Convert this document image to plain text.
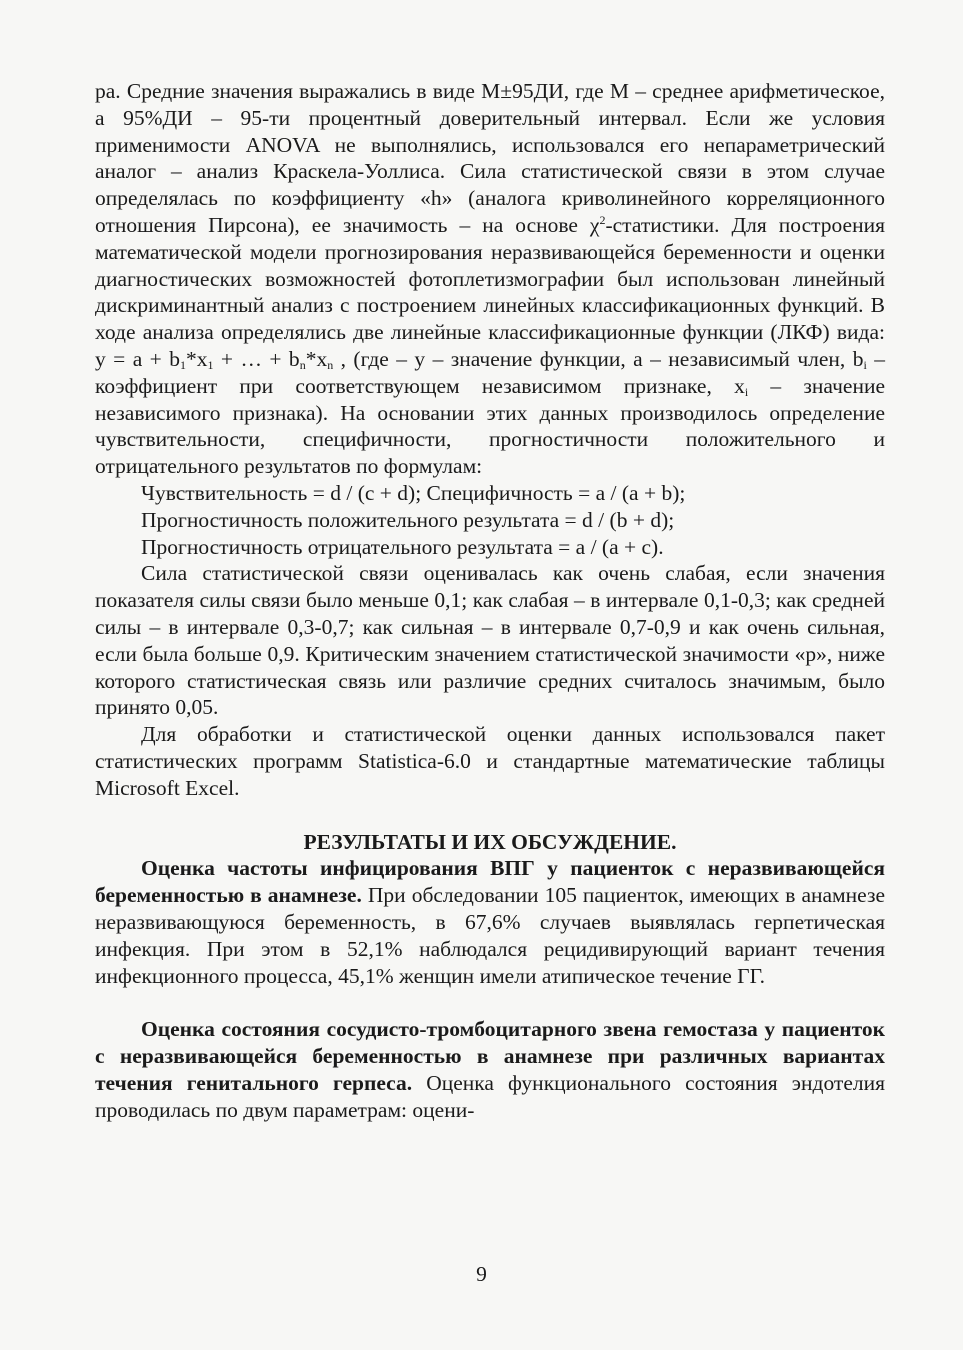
ра. Средние значения выражались в виде М±95ДИ, где М – среднее арифметическое, а 95%ДИ – 95-ти процентный доверительный интервал. Если же условия применимости ANOVA не выполнялись, использовался его непараметрический аналог – анализ Краскела-Уоллиса. Сила статистической связи в этом случае определялась по коэффициенту «h» (аналога криволинейного корреляционного отношения Пирсона), ее значимость – на основе $\chi^2$-статистики. Для построения математической модели прогнозирования неразвивающейся беременности и оценки диагностических возможностей фотоплетизмографии был использован линейный дискриминантный анализ с построением линейных классификационных функций. В ходе анализа определялись две линейные классификационные функции (ЛКФ) вида: $y = a + b_1*x_1$ + … + $b_n*x_n$ , (где – y – значение функции, a – независимый член, $b_i$ – коэффициент при соответствующем независимом признаке, $x_i$ – значение независимого признака). На основании этих данных производилось определение чувствительности, специфичности, прогностичности положительного и отрицательного результатов по формулам:

Чувствительность = d / (c + d); Специфичность = a / (a + b);

Прогностичность положительного результата = d / (b + d);

Прогностичность отрицательного результата = a / (a + c).

Сила статистической связи оценивалась как очень слабая, если значения показателя силы связи было меньше 0,1; как слабая – в интервале 0,1-0,3; как средней силы – в интервале 0,3-0,7; как сильная – в интервале 0,7-0,9 и как очень сильная, если была больше 0,9. Критическим значением статистической значимости «р», ниже которого статистическая связь или различие средних считалось значимым, было принято 0,05.

Для обработки и статистической оценки данных использовался пакет статистических программ Statistica-6.0 и стандартные математические таблицы Microsoft Excel.

РЕЗУЛЬТАТЫ И ИХ ОБСУЖДЕНИЕ.

Оценка частоты инфицирования ВПГ у пациенток с неразвивающейся беременностью в анамнезе. При обследовании 105 пациенток, имеющих в анамнезе неразвивающуюся беременность, в 67,6% случаев выявлялась герпетическая инфекция. При этом в 52,1% наблюдался рецидивирующий вариант течения инфекционного процесса, 45,1% женщин имели атипическое течение ГГ.

Оценка состояния сосудисто-тромбоцитарного звена гемостаза у пациенток с неразвивающейся беременностью в анамнезе при различных вариантах течения генитального герпеса. Оценка функционального состояния эндотелия проводилась по двум параметрам: оцени-

9
